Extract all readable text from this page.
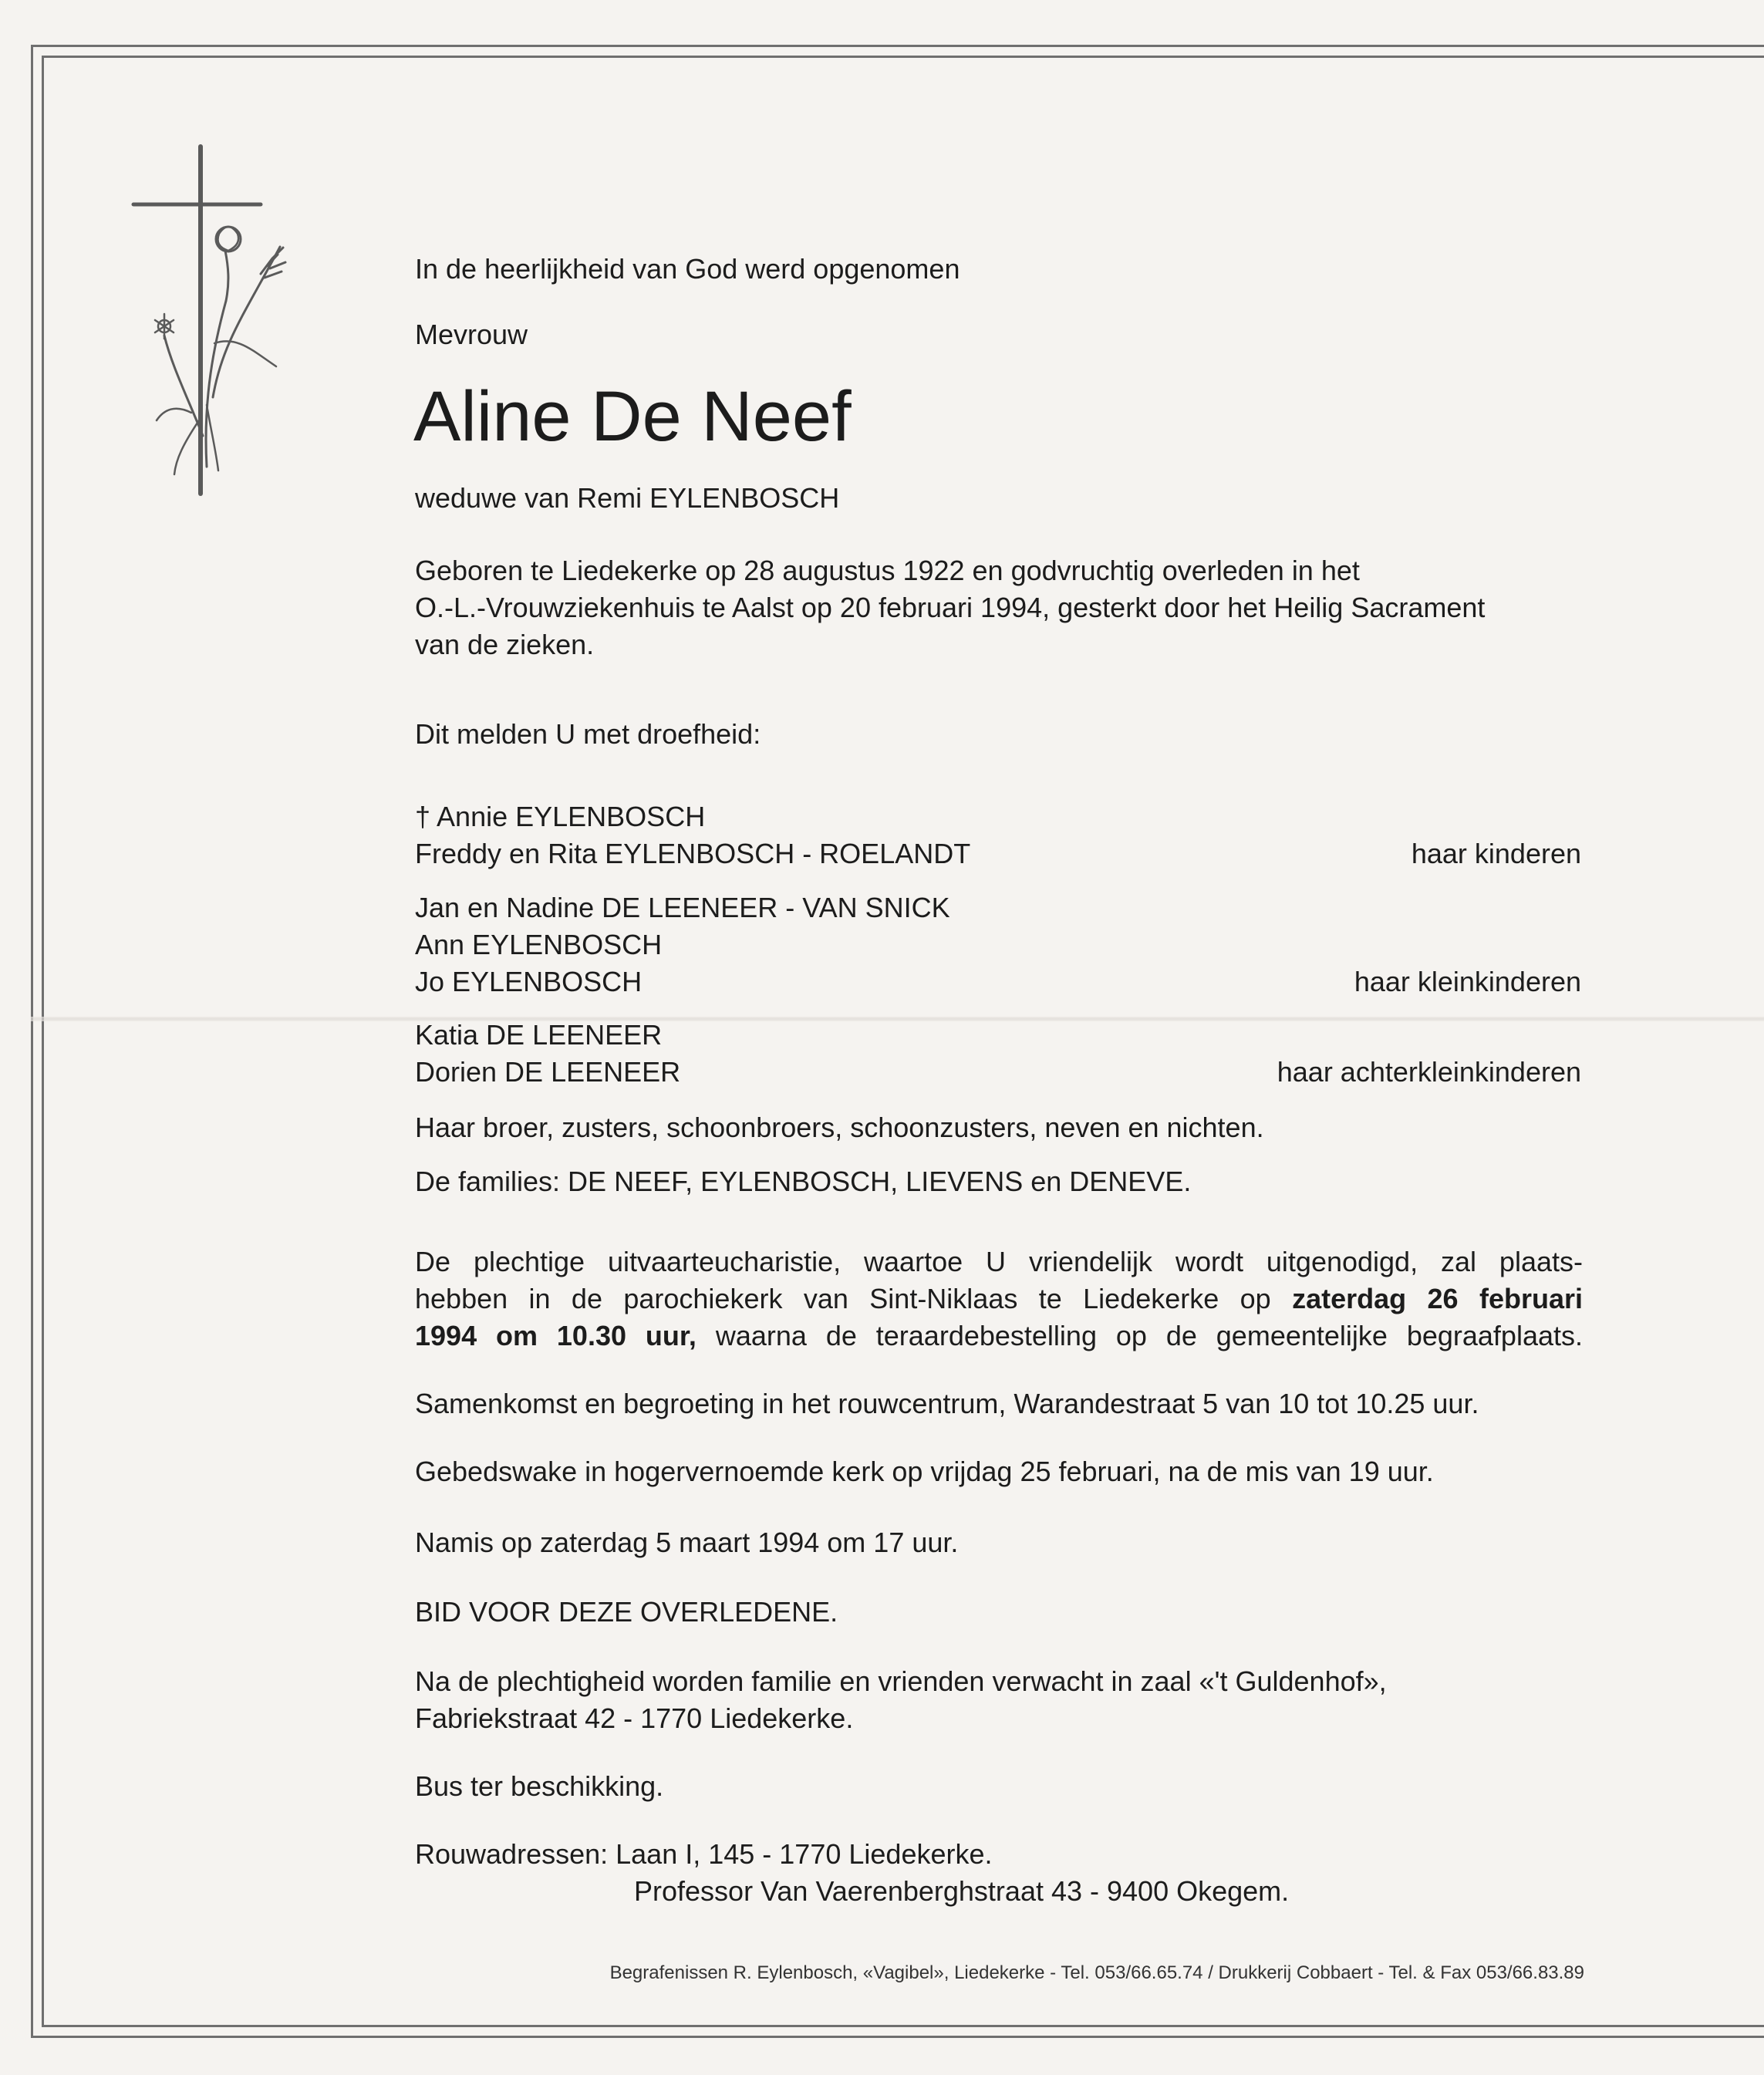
In de heerlijkheid van God werd opgenomen
Mevrouw
Aline De Neef
weduwe van Remi EYLENBOSCH
Geboren te Liedekerke op 28 augustus 1922 en godvruchtig overleden in het
O.-L.-Vrouwziekenhuis te Aalst op 20 februari 1994, gesterkt door het Heilig Sacrament
van de zieken.
Dit melden U met droefheid:
† Annie EYLENBOSCH
Freddy en Rita EYLENBOSCH - ROELANDT	haar kinderen
Jan en Nadine DE LEENEER - VAN SNICK
Ann EYLENBOSCH
Jo EYLENBOSCH	haar kleinkinderen
Katia DE LEENEER
Dorien DE LEENEER	haar achterkleinkinderen
Haar broer, zusters, schoonbroers, schoonzusters, neven en nichten.
De families: DE NEEF, EYLENBOSCH, LIEVENS en DENEVE.

De plechtige uitvaarteucharistie, waartoe U vriendelijk wordt uitgenodigd, zal plaats-

hebben in de parochiekerk van Sint-Niklaas te Liedekerke op zaterdag 26 februari

1994 om 10.30 uur, waarna de teraardebestelling op de gemeentelijke begraafplaats.

Samenkomst en begroeting in het rouwcentrum, Warandestraat 5 van 10 tot 10.25 uur.
Gebedswake in hogervernoemde kerk op vrijdag 25 februari, na de mis van 19 uur.
Namis op zaterdag 5 maart 1994 om 17 uur.
BID VOOR DEZE OVERLEDENE.
Na de plechtigheid worden familie en vrienden verwacht in zaal «'t Guldenhof»,
Fabriekstraat 42 - 1770 Liedekerke.
Bus ter beschikking.
Rouwadressen: Laan I, 145 - 1770 Liedekerke.
Professor Van Vaerenberghstraat 43 - 9400 Okegem.
Begrafenissen R. Eylenbosch, «Vagibel», Liedekerke - Tel. 053/66.65.74 / Drukkerij Cobbaert - Tel. & Fax 053/66.83.89
